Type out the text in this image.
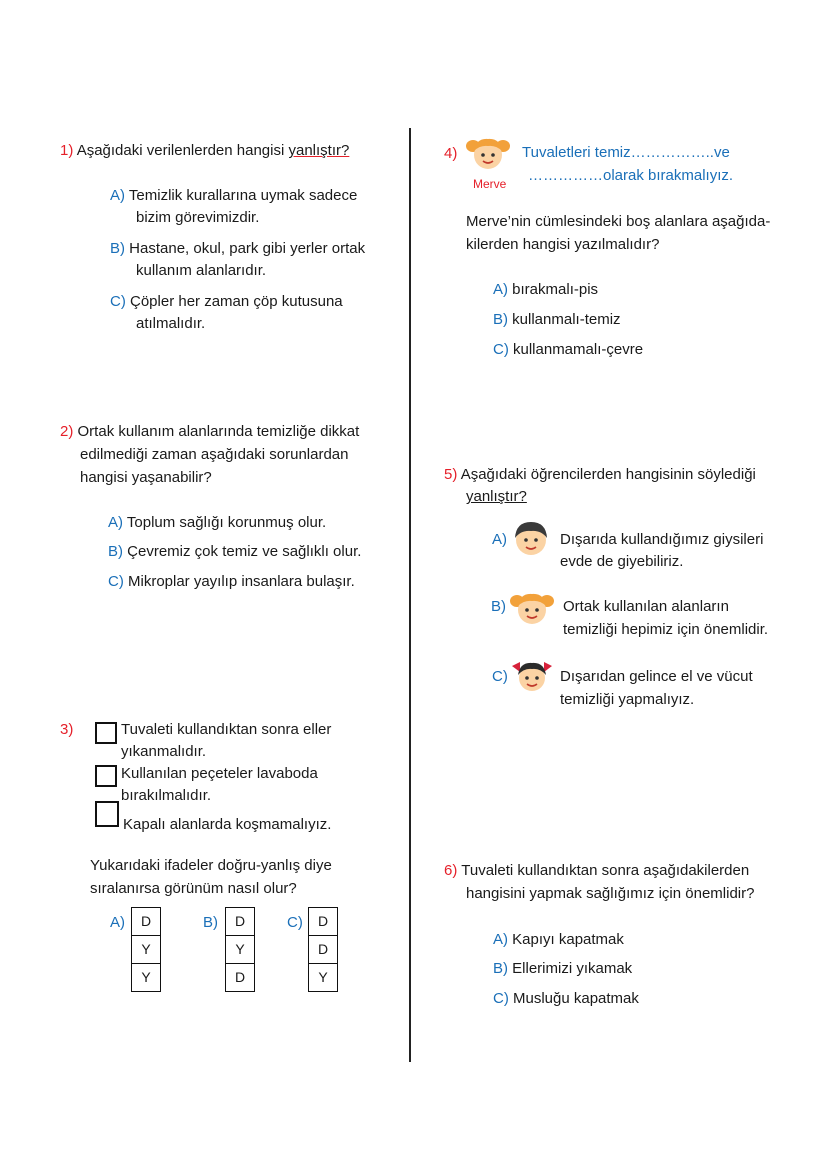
1) Aşağıdaki verilenlerden hangisi yanlıştır?
A) Temizlik kurallarına uymak sadece
bizim görevimizdir.
B) Hastane, okul, park gibi yerler ortak
kullanım alanlarıdır.
C) Çöpler her zaman çöp kutusuna
atılmalıdır.
2) Ortak kullanım alanlarında temizliğe dikkat
edilmediği zaman aşağıdaki sorunlardan
hangisi yaşanabilir?
A) Toplum sağlığı korunmuş olur.
B) Çevremiz çok temiz ve sağlıklı olur.
C) Mikroplar yayılıp insanlara bulaşır.
3)	Tuvaleti kullandıktan sonra eller
yıkanmalıdır.
Kullanılan peçeteler lavaboda
bırakılmalıdır.
Kapalı alanlarda koşmamalıyız.
Yukarıdaki ifadeler doğru-yanlış diye
sıralanırsa görünüm nasıl olur?
A)	D
Y
Y
B)	D
Y
D
C)	D
D
Y
4)
Merve
Tuvaletleri temiz……………..ve
……………olarak bırakmalıyız.
Merve’nin cümlesindeki boş alanlara aşağıda-
kilerden hangisi yazılmalıdır?
A) bırakmalı-pis
B) kullanmalı-temiz
C) kullanmamalı-çevre
5) Aşağıdaki öğrencilerden hangisinin söylediği
yanlıştır?
A)	Dışarıda kullandığımız giysileri
evde de giyebiliriz.
B)	Ortak kullanılan alanların
temizliği hepimiz için önemlidir.
C)	Dışarıdan gelince el ve vücut
temizliği yapmalıyız.
6) Tuvaleti kullandıktan sonra aşağıdakilerden
hangisini yapmak sağlığımız için önemlidir?
A) Kapıyı kapatmak
B) Ellerimizi yıkamak
C) Musluğu kapatmak
